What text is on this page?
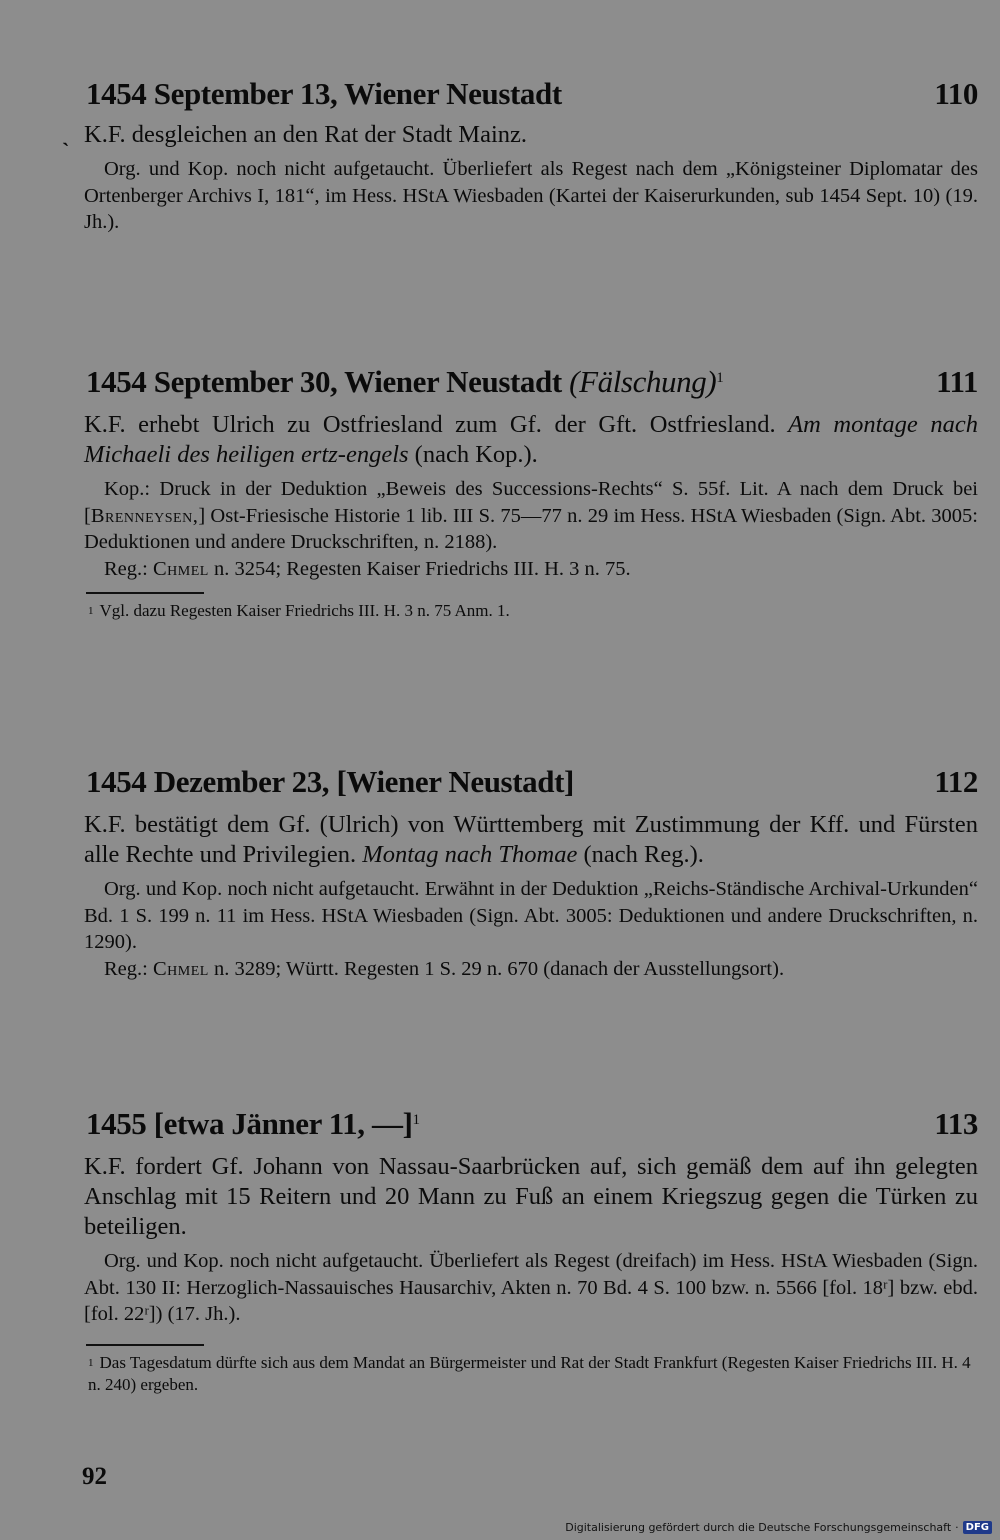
`
1454 September 13, Wiener Neustadt	110
K.F. desgleichen an den Rat der Stadt Mainz.

Org. und Kop. noch nicht aufgetaucht. Überliefert als Regest nach dem „Königsteiner Diplomatar des Ortenberger Archivs I, 181“, im Hess. HStA Wiesbaden (Kartei der Kaiserurkunden, sub 1454 Sept. 10) (19. Jh.).

1454 September 30, Wiener Neustadt (Fälschung)$^1$	111
K.F. erhebt Ulrich zu Ostfriesland zum Gf. der Gft. Ostfriesland. Am montage nach Michaeli des heiligen ertz-engels (nach Kop.).

Kop.: Druck in der Deduktion „Beweis des Successions-Rechts“ S. 55f. Lit. A nach dem Druck bei [Brenneysen,] Ost-Friesische Historie 1 lib. III S. 75—77 n. 29 im Hess. HStA Wiesbaden (Sign. Abt. 3005: Deduktionen und andere Druckschriften, n. 2188).

Reg.: Chmel n. 3254; Regesten Kaiser Friedrichs III. H. 3 n. 75.

$^1$ Vgl. dazu Regesten Kaiser Friedrichs III. H. 3 n. 75 Anm. 1.
1454 Dezember 23, [Wiener Neustadt]	112
K.F. bestätigt dem Gf. (Ulrich) von Württemberg mit Zustimmung der Kff. und Fürsten alle Rechte und Privilegien. Montag nach Thomae (nach Reg.).

Org. und Kop. noch nicht aufgetaucht. Erwähnt in der Deduktion „Reichs-Ständische Archival-Urkunden“ Bd. 1 S. 199 n. 11 im Hess. HStA Wiesbaden (Sign. Abt. 3005: Deduktionen und andere Druckschriften, n. 1290).

Reg.: Chmel n. 3289; Württ. Regesten 1 S. 29 n. 670 (danach der Ausstellungsort).

1455 [etwa Jänner 11, —]$^1$	113
K.F. fordert Gf. Johann von Nassau-Saarbrücken auf, sich gemäß dem auf ihn gelegten Anschlag mit 15 Reitern und 20 Mann zu Fuß an einem Kriegszug gegen die Türken zu beteiligen.

Org. und Kop. noch nicht aufgetaucht. Überliefert als Regest (dreifach) im Hess. HStA Wiesbaden (Sign. Abt. 130 II: Herzoglich-Nassauisches Hausarchiv, Akten n. 70 Bd. 4 S. 100 bzw. n. 5566 [fol. 18ʳ] bzw. ebd. [fol. 22ʳ]) (17. Jh.).

$^1$ Das Tagesdatum dürfte sich aus dem Mandat an Bürgermeister und Rat der Stadt Frankfurt (Regesten Kaiser Friedrichs III. H. 4 n. 240) ergeben.
92
Digitalisierung gefördert durch die Deutsche Forschungsgemeinschaft · DFG
